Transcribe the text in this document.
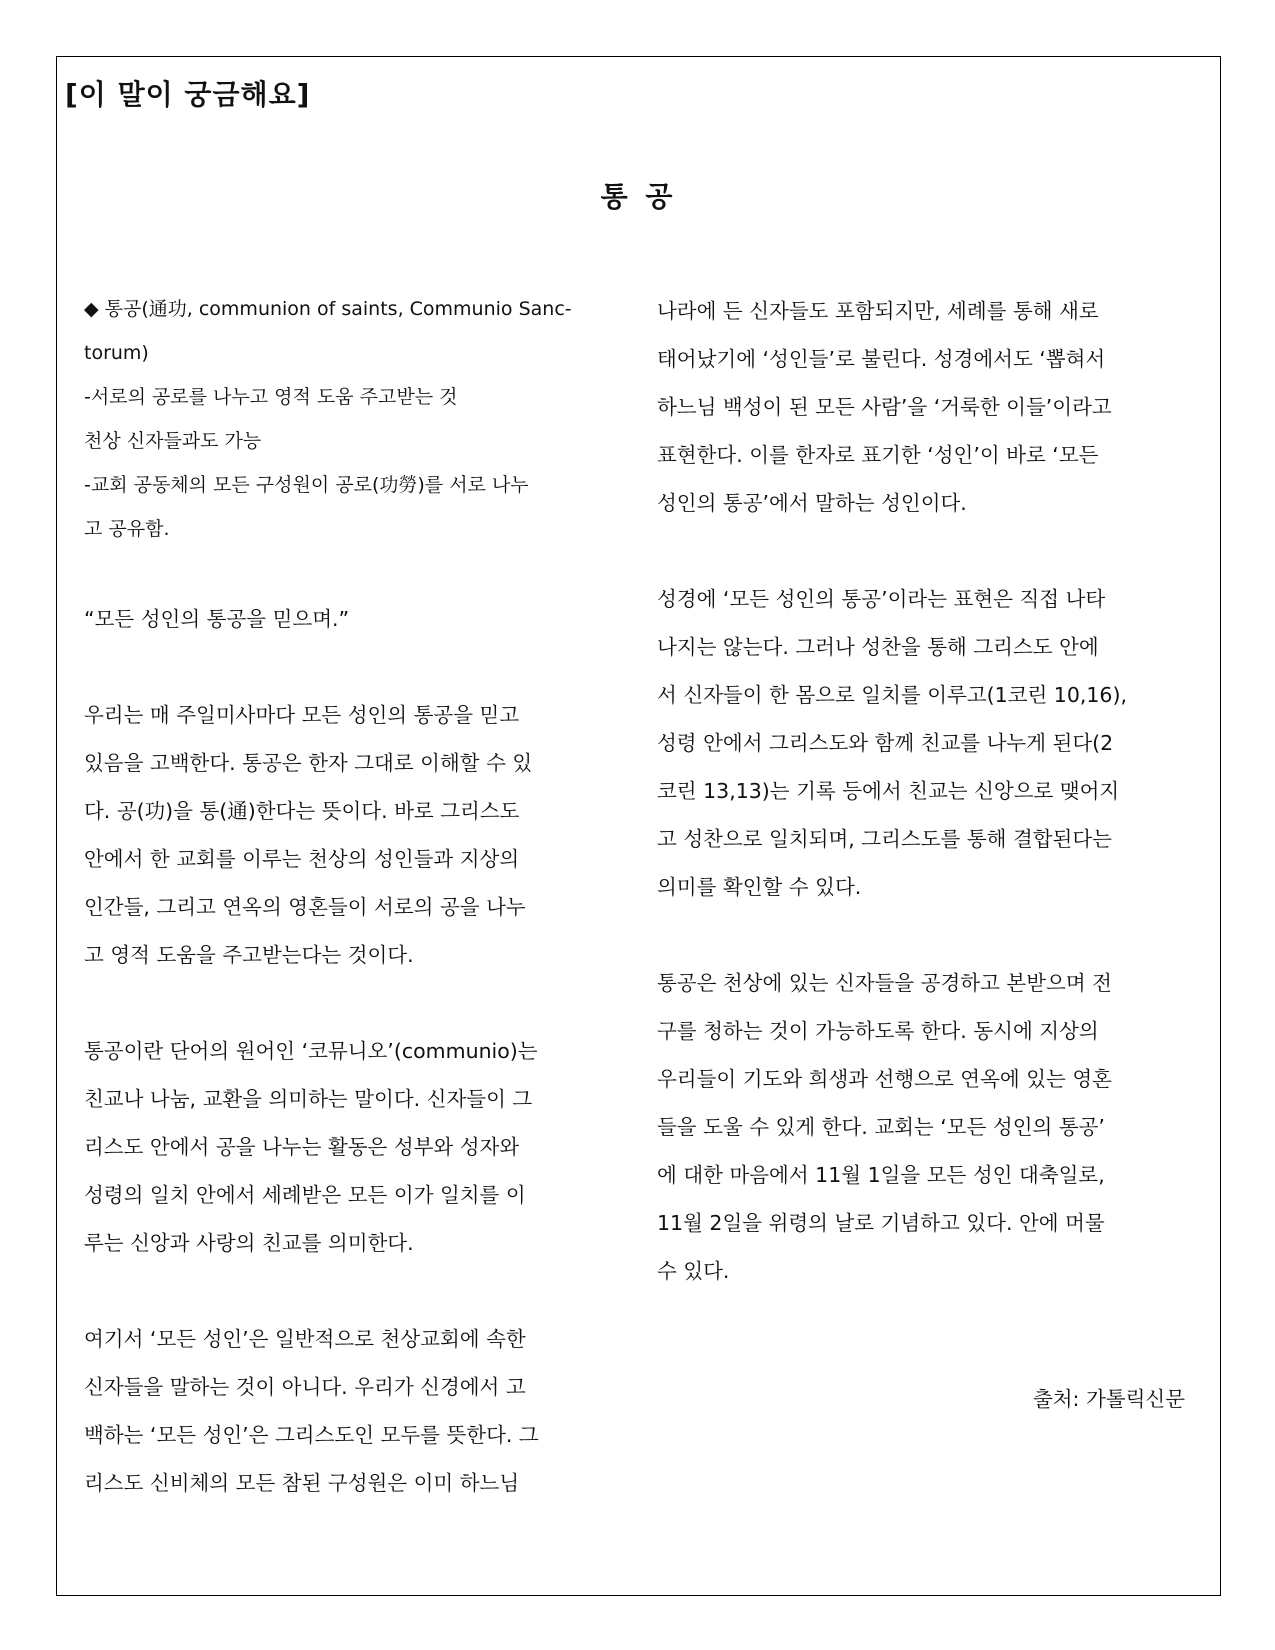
[이 말이 궁금해요]
통 공
◆ 통공(通功, communion of saints, Communio Sanc-
torum)
-서로의 공로를 나누고 영적 도움 주고받는 것
천상 신자들과도 가능
-교회 공동체의 모든 구성원이 공로(功勞)를 서로 나누
고 공유함.
“모든 성인의 통공을 믿으며.”
우리는 매 주일미사마다 모든 성인의 통공을 믿고
있음을 고백한다. 통공은 한자 그대로 이해할 수 있
다. 공(功)을 통(通)한다는 뜻이다. 바로 그리스도
안에서 한 교회를 이루는 천상의 성인들과 지상의
인간들, 그리고 연옥의 영혼들이 서로의 공을 나누
고 영적 도움을 주고받는다는 것이다.
통공이란 단어의 원어인 ‘코뮤니오’(communio)는
친교나 나눔, 교환을 의미하는 말이다. 신자들이 그
리스도 안에서 공을 나누는 활동은 성부와 성자와
성령의 일치 안에서 세례받은 모든 이가 일치를 이
루는 신앙과 사랑의 친교를 의미한다.
여기서 ‘모든 성인’은 일반적으로 천상교회에 속한
신자들을 말하는 것이 아니다. 우리가 신경에서 고
백하는 ‘모든 성인’은 그리스도인 모두를 뜻한다. 그
리스도 신비체의 모든 참된 구성원은 이미 하느님
나라에 든 신자들도 포함되지만, 세례를 통해 새로
태어났기에 ‘성인들’로 불린다. 성경에서도 ‘뽑혀서
하느님 백성이 된 모든 사람’을 ‘거룩한 이들’이라고
표현한다. 이를 한자로 표기한 ‘성인’이 바로 ‘모든
성인의 통공’에서 말하는 성인이다.
성경에 ‘모든 성인의 통공’이라는 표현은 직접 나타
나지는 않는다. 그러나 성찬을 통해 그리스도 안에
서 신자들이 한 몸으로 일치를 이루고(1코린 10,16),
성령 안에서 그리스도와 함께 친교를 나누게 된다(2
코린 13,13)는 기록 등에서 친교는 신앙으로 맺어지
고 성찬으로 일치되며, 그리스도를 통해 결합된다는
의미를 확인할 수 있다.
통공은 천상에 있는 신자들을 공경하고 본받으며 전
구를 청하는 것이 가능하도록 한다. 동시에 지상의
우리들이 기도와 희생과 선행으로 연옥에 있는 영혼
들을 도울 수 있게 한다. 교회는 ‘모든 성인의 통공’
에 대한 마음에서 11월 1일을 모든 성인 대축일로,
11월 2일을 위령의 날로 기념하고 있다. 안에 머물
수 있다.
출처: 가톨릭신문
